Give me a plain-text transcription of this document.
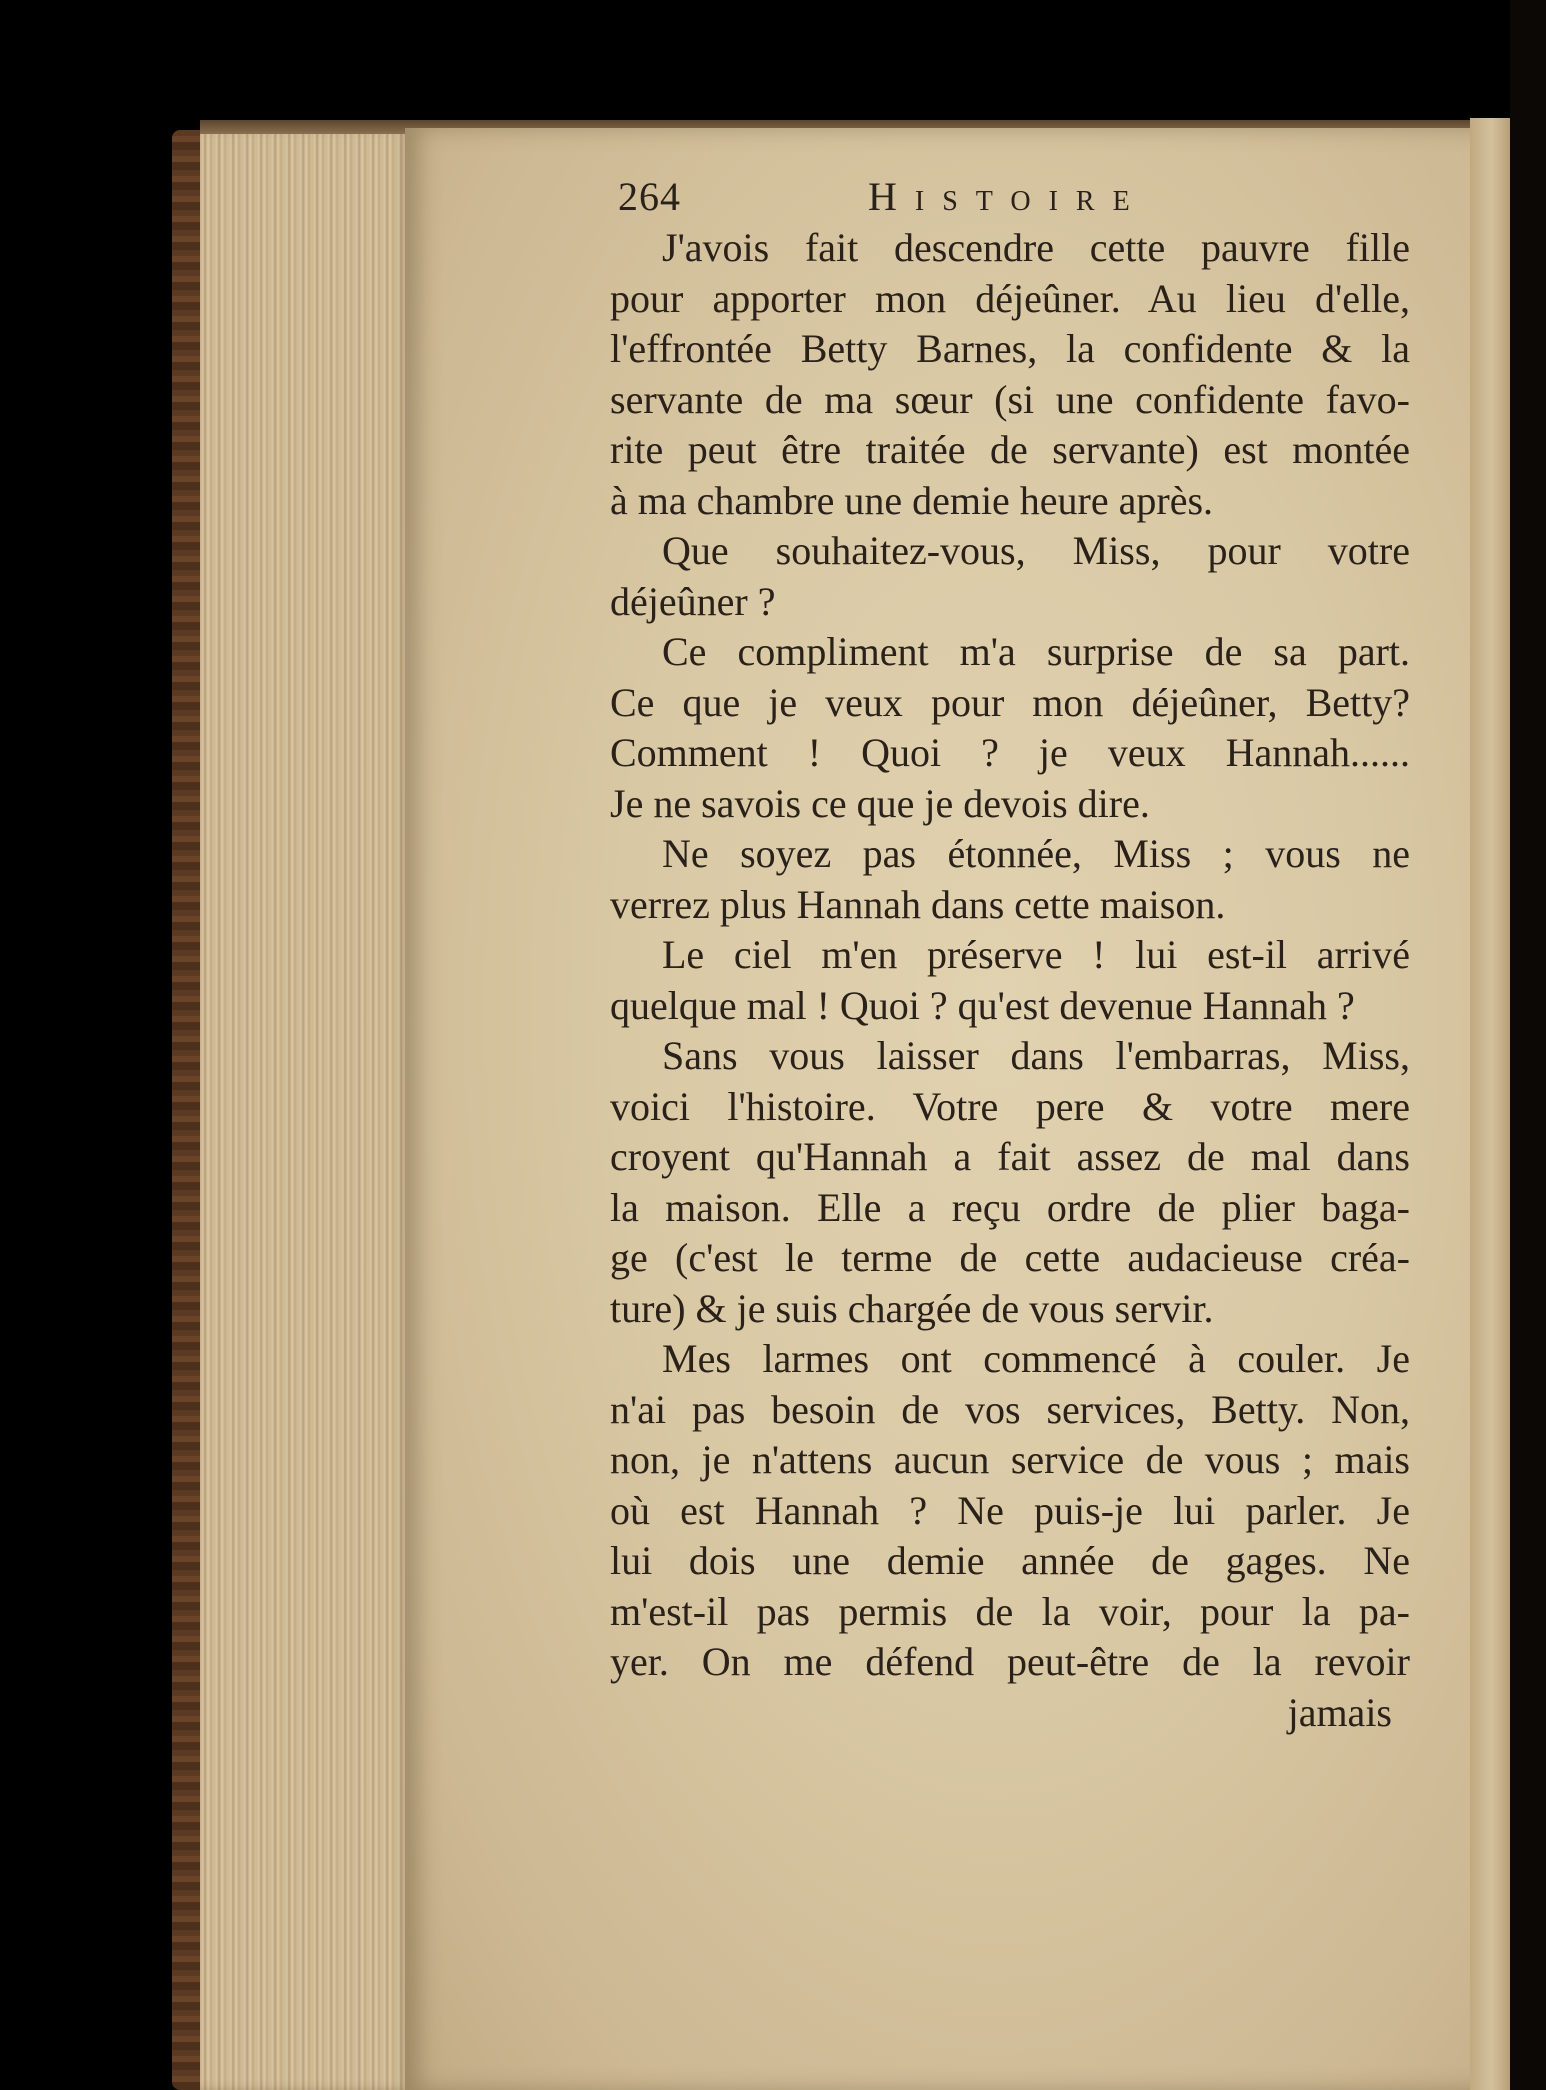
264	Histoire
J'avois fait descendre cette pauvre fille
pour apporter mon déjeûner. Au lieu d'elle,
l'effrontée Betty Barnes, la confidente & la
servante de ma sœur (si une confidente favo-
rite peut être traitée de servante) est montée
à ma chambre une demie heure après.
Que souhaitez-vous, Miss, pour votre
déjeûner ?
Ce compliment m'a surprise de sa part.
Ce que je veux pour mon déjeûner, Betty?
Comment ! Quoi ? je veux Hannah......
Je ne savois ce que je devois dire.
Ne soyez pas étonnée, Miss ; vous ne
verrez plus Hannah dans cette maison.
Le ciel m'en préserve ! lui est-il arrivé
quelque mal ! Quoi ? qu'est devenue Hannah ?
Sans vous laisser dans l'embarras, Miss,
voici l'histoire. Votre pere & votre mere
croyent qu'Hannah a fait assez de mal dans
la maison. Elle a reçu ordre de plier baga-
ge (c'est le terme de cette audacieuse créa-
ture) & je suis chargée de vous servir.
Mes larmes ont commencé à couler. Je
n'ai pas besoin de vos services, Betty. Non,
non, je n'attens aucun service de vous ; mais
où est Hannah ? Ne puis-je lui parler. Je
lui dois une demie année de gages. Ne
m'est-il pas permis de la voir, pour la pa-
yer. On me défend peut-être de la revoir
jamais
